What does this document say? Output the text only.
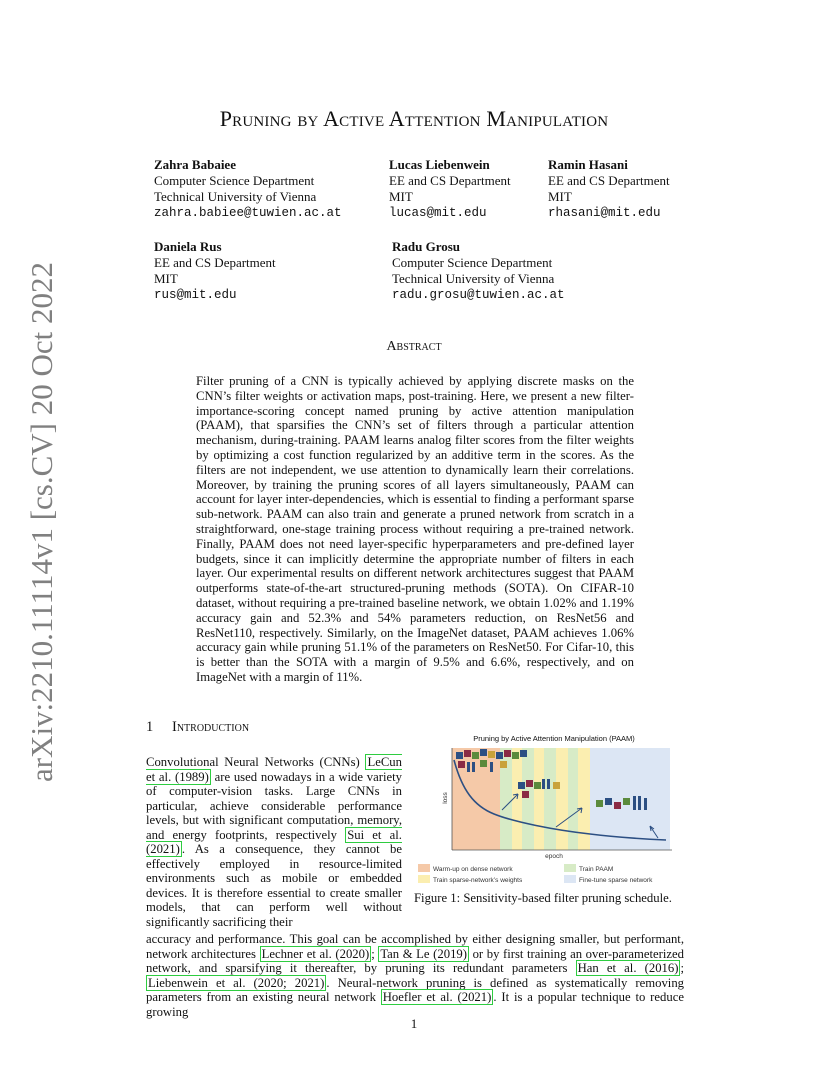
arXiv:2210.11114v1 [cs.CV] 20 Oct 2022
Pruning by Active Attention Manipulation
Zahra Babaiee
Computer Science Department
Technical University of Vienna
zahra.babiee@tuwien.ac.at
Lucas Liebenwein
EE and CS Department
MIT
lucas@mit.edu
Ramin Hasani
EE and CS Department
MIT
rhasani@mit.edu
Daniela Rus
EE and CS Department
MIT
rus@mit.edu
Radu Grosu
Computer Science Department
Technical University of Vienna
radu.grosu@tuwien.ac.at
Abstract
Filter pruning of a CNN is typically achieved by applying discrete masks on the CNN’s filter weights or activation maps, post-training. Here, we present a new filter-importance-scoring concept named pruning by active attention manipulation (PAAM), that sparsifies the CNN’s set of filters through a particular attention mechanism, during-training. PAAM learns analog filter scores from the filter weights by optimizing a cost function regularized by an additive term in the scores. As the filters are not independent, we use attention to dynamically learn their correlations. Moreover, by training the pruning scores of all layers simultaneously, PAAM can account for layer inter-dependencies, which is essential to finding a performant sparse sub-network. PAAM can also train and generate a pruned network from scratch in a straightforward, one-stage training process without requiring a pre-trained network. Finally, PAAM does not need layer-specific hyperparameters and pre-defined layer budgets, since it can implicitly determine the appropriate number of filters in each layer. Our experimental results on different network architectures suggest that PAAM outperforms state-of-the-art structured-pruning methods (SOTA). On CIFAR-10 dataset, without requiring a pre-trained baseline network, we obtain 1.02% and 1.19% accuracy gain and 52.3% and 54% parameters reduction, on ResNet56 and ResNet110, respectively. Similarly, on the ImageNet dataset, PAAM achieves 1.06% accuracy gain while pruning 51.1% of the parameters on ResNet50. For Cifar-10, this is better than the SOTA with a margin of 9.5% and 6.6%, respectively, and on ImageNet with a margin of 11%.
1 Introduction
Convolutional Neural Networks (CNNs) LeCun et al. (1989) are used nowadays in a wide variety of computer-vision tasks. Large CNNs in particular, achieve considerable performance levels, but with significant computation, memory, and energy footprints, respectively Sui et al. (2021) . As a consequence, they cannot be effectively employed in resource-limited environments such as mobile or embedded devices. It is therefore essential to create smaller models, that can perform well without significantly sacrificing their
accuracy and performance. This goal can be accomplished by either designing smaller, but performant, network architectures Lechner et al. (2020) ; Tan & Le (2019) or by first training an over-parameterized network, and sparsifying it thereafter, by pruning its redundant parameters Han et al. (2016) ; Liebenwein et al. (2020; 2021) . Neural-network pruning is defined as systematically removing parameters from an existing neural network Hoefler et al. (2021) . It is a popular technique to reduce growing
Pruning by Active Attention Manipulation (PAAM)
loss
epoch
Warm-up on dense network	Train PAAM
Train sparse-network’s weights	Fine-tune sparse network
Figure 1: Sensitivity-based filter pruning schedule.
1
